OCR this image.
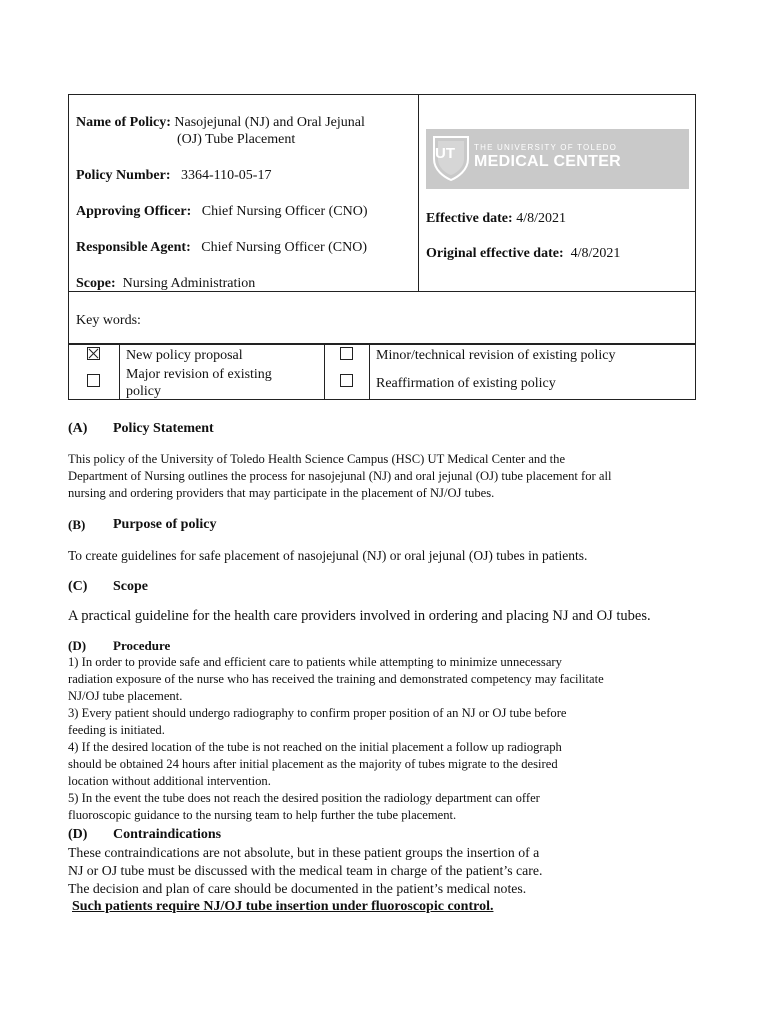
Name of Policy: Nasojejunal (NJ) and Oral Jejunal
(OJ) Tube Placement
Policy Number: 3364-110-05-17
Approving Officer: Chief Nursing Officer (CNO)
Responsible Agent: Chief Nursing Officer (CNO)
Scope: Nursing Administration
UT THE UNIVERSITY OF TOLEDO
MEDICAL CENTER
Effective date: 4/8/2021
Original effective date: 4/8/2021
Key words:
New policy proposal
Major revision of existing
policy
Minor/technical revision of existing policy
Reaffirmation of existing policy
(A) Policy Statement
This policy of the University of Toledo Health Science Campus (HSC) UT Medical Center and the
Department of Nursing outlines the process for nasojejunal (NJ) and oral jejunal (OJ) tube placement for all
nursing and ordering providers that may participate in the placement of NJ/OJ tubes.
(B) Purpose of policy
To create guidelines for safe placement of nasojejunal (NJ) or oral jejunal (OJ) tubes in patients.
(C) Scope
A practical guideline for the health care providers involved in ordering and placing NJ and OJ tubes.
(D) Procedure
1) In order to provide safe and efficient care to patients while attempting to minimize unnecessary
radiation exposure of the nurse who has received the training and demonstrated competency may facilitate
NJ/OJ tube placement.
3) Every patient should undergo radiography to confirm proper position of an NJ or OJ tube before
feeding is initiated.
4) If the desired location of the tube is not reached on the initial placement a follow up radiograph
should be obtained 24 hours after initial placement as the majority of tubes migrate to the desired
location without additional intervention.
5) In the event the tube does not reach the desired position the radiology department can offer
fluoroscopic guidance to the nursing team to help further the tube placement.
(D) Contraindications
These contraindications are not absolute, but in these patient groups the insertion of a
NJ or OJ tube must be discussed with the medical team in charge of the patient’s care.
The decision and plan of care should be documented in the patient’s medical notes.
Such patients require NJ/OJ tube insertion under fluoroscopic control.
